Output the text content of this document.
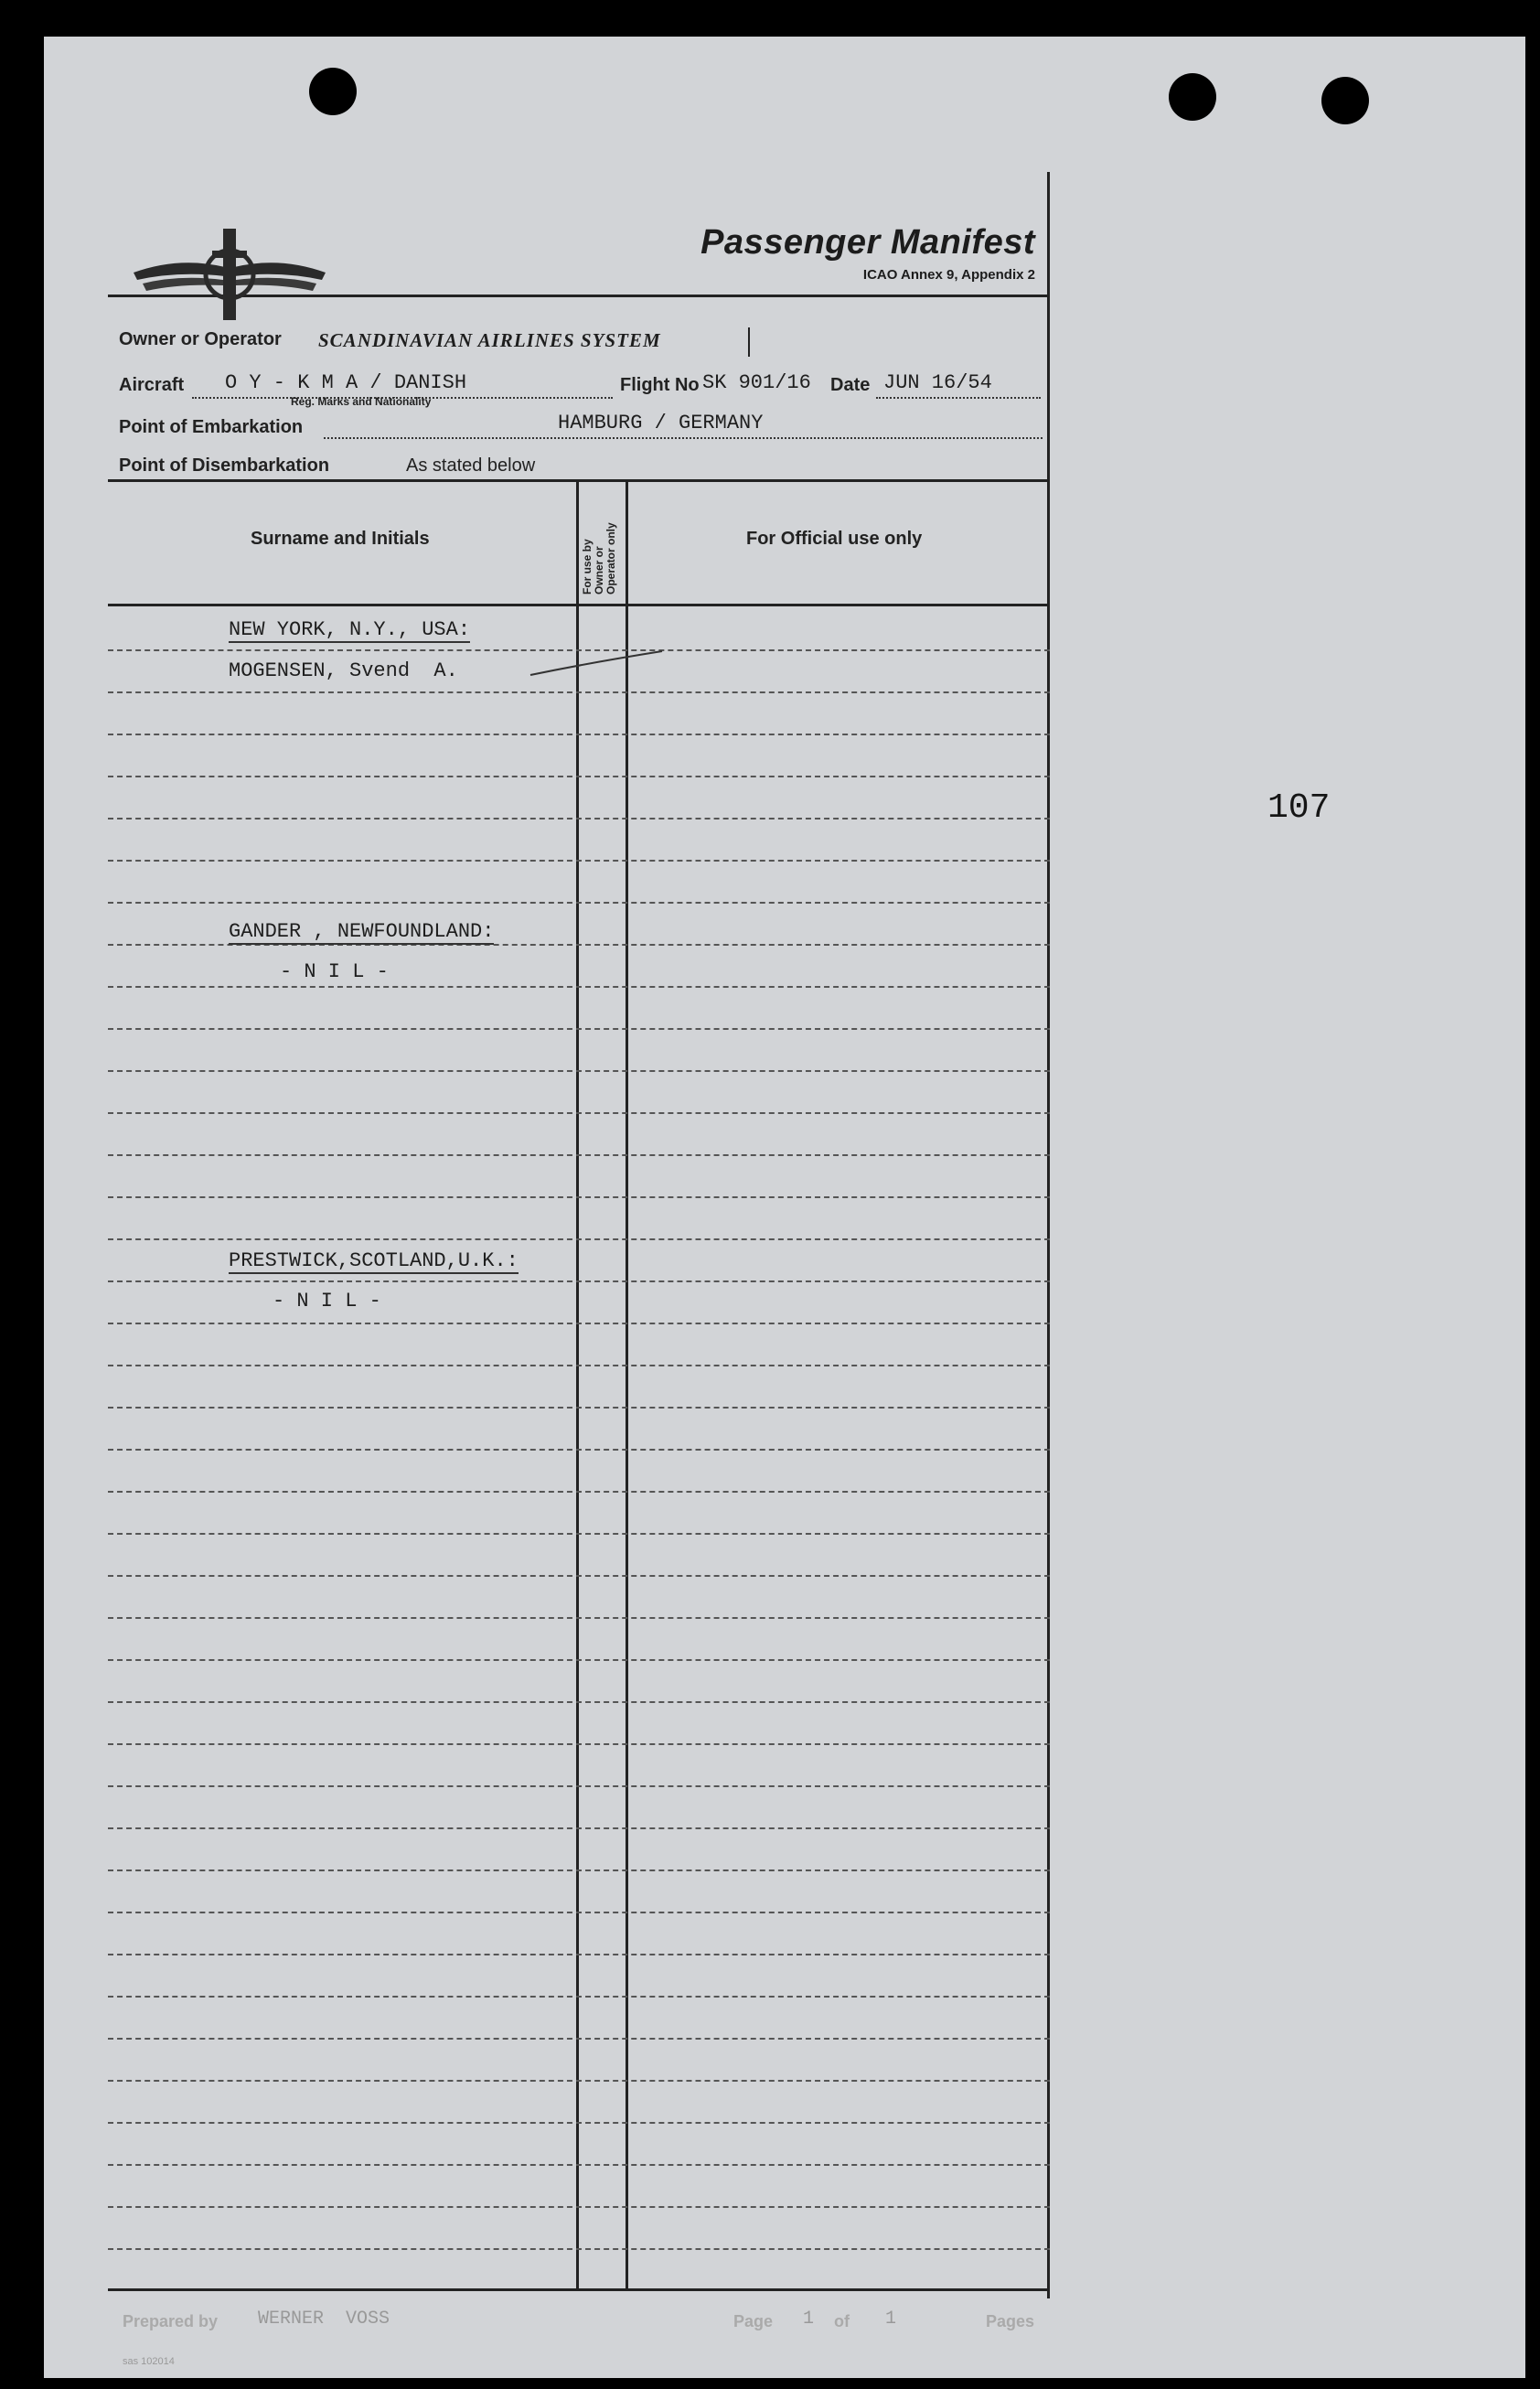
107
Passenger Manifest
ICAO Annex 9, Appendix 2
Owner or Operator SCANDINAVIAN AIRLINES SYSTEM
Aircraft O Y - K M A / DANISH
Reg. Marks and Nationality
Flight No SK 901/16 Date JUN 16/54
Point of Embarkation	HAMBURG / GERMANY
Point of Disembarkation	As stated below
Surname and Initials
For use by
Owner or
Operator only	For Official use only
NEW YORK, N.Y., USA:
MOGENSEN, Svend  A.
GANDER , NEWFOUNDLAND:
- N I L -
PRESTWICK,SCOTLAND,U.K.:
- N I L -
Prepared by WERNER  VOSS	Page 1 of 1	Pages
sas 102014
